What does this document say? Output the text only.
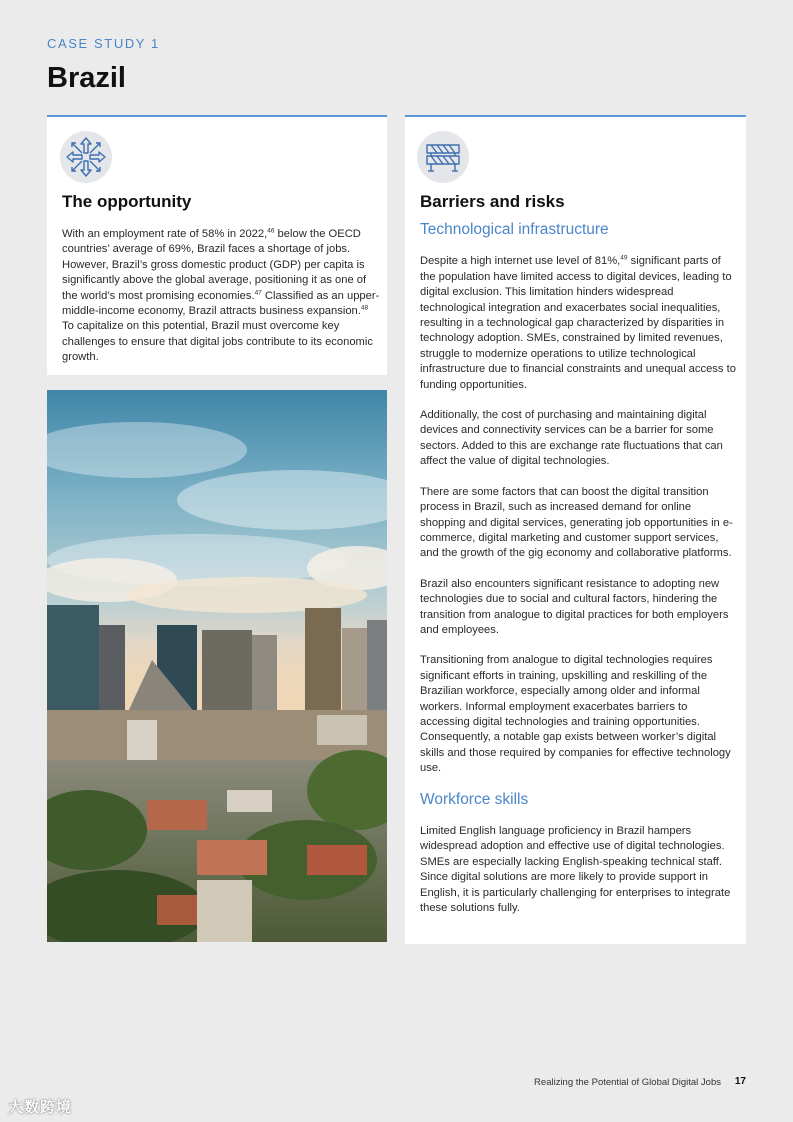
CASE STUDY 1
Brazil
The opportunity
With an employment rate of 58% in 2022,46 below the OECD countries’ average of 69%, Brazil faces a shortage of jobs. However, Brazil’s gross domestic product (GDP) per capita is significantly above the global average, positioning it as one of the world’s most promising economies.$^{47}$ Classified as an upper-middle-income economy, Brazil attracts business expansion.$^{48}$ To capitalize on this potential, Brazil must overcome key challenges to ensure that digital jobs contribute to its economic growth.
Barriers and risks
Technological infrastructure

Despite a high internet use level of 81%,$^{49}$ significant parts of the population have limited access to digital devices, leading to digital exclusion. This limitation hinders widespread technological integration and exacerbates social inequalities, resulting in a technological gap characterized by disparities in technology adoption. SMEs, constrained by limited revenues, struggle to modernize operations to utilize technological infrastructure due to financial constraints and unequal access to funding opportunities.

Additionally, the cost of purchasing and maintaining digital devices and connectivity services can be a barrier for some sectors. Added to this are exchange rate fluctuations that can affect the value of digital technologies.

There are some factors that can boost the digital transition process in Brazil, such as increased demand for online shopping and digital services, generating job opportunities in e-commerce, digital marketing and customer support services, and the growth of the gig economy and collaborative platforms.

Brazil also encounters significant resistance to adopting new technologies due to social and cultural factors, hindering the transition from analogue to digital practices for both employers and employees.

Transitioning from analogue to digital technologies requires significant efforts in training, upskilling and reskilling of the Brazilian workforce, especially among older and informal workers. Informal employment exacerbates barriers to accessing digital technologies and training opportunities. Consequently, a notable gap exists between worker’s digital skills and those required by companies for effective technology use.

Workforce skills

Limited English language proficiency in Brazil hampers widespread adoption and effective use of digital technologies. SMEs are especially lacking English-speaking technical staff. Since digital solutions are more likely to provide support in English, it is particularly challenging for enterprises to integrate these solutions fully.

Realizing the Potential of Global Digital Jobs 17
大数跨境
